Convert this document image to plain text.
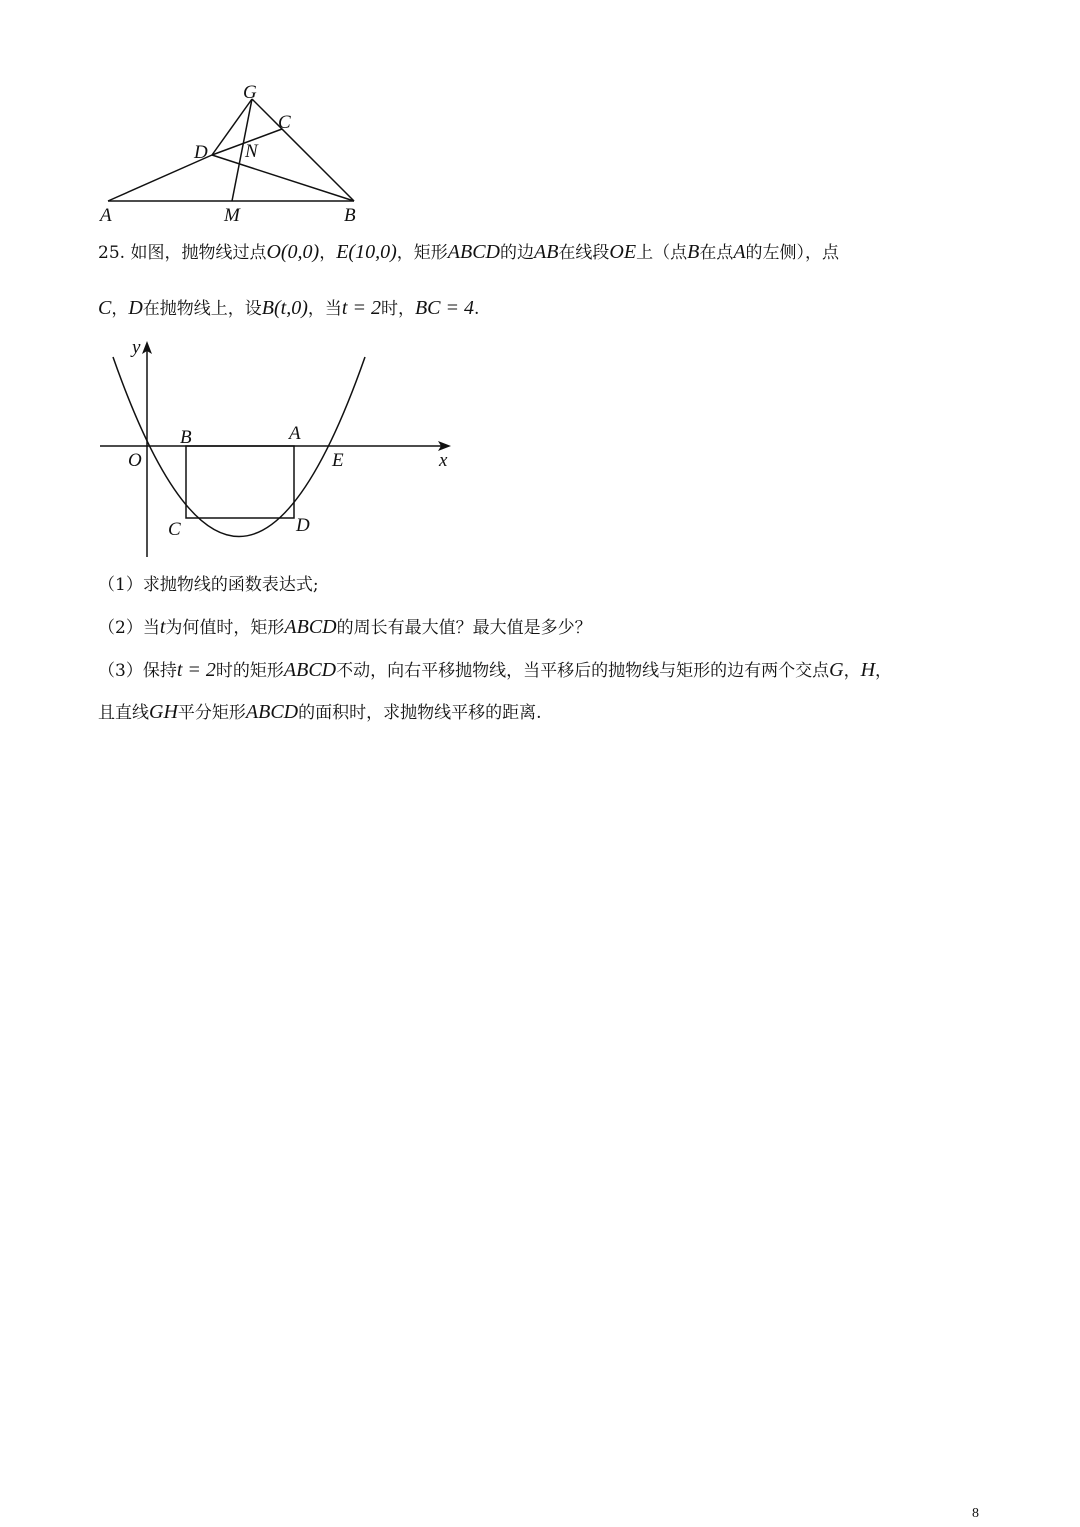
G
C
D N
A	M	B
25. 如图，抛物线过点O(0,0)，E(10,0)，矩形ABCD的边AB在线段OE上（点B在点A的左侧），点
C，D在抛物线上，设B(t,0)，当t = 2时，BC = 4.
O
y
x
B	A
E
C	D
（1）求抛物线的函数表达式;
（2）当t为何值时，矩形ABCD的周长有最大值？最大值是多少？
（3）保持t = 2时的矩形ABCD不动，向右平移抛物线，当平移后的抛物线与矩形的边有两个交点G，H，
且直线GH平分矩形ABCD的面积时，求抛物线平移的距离.
8
